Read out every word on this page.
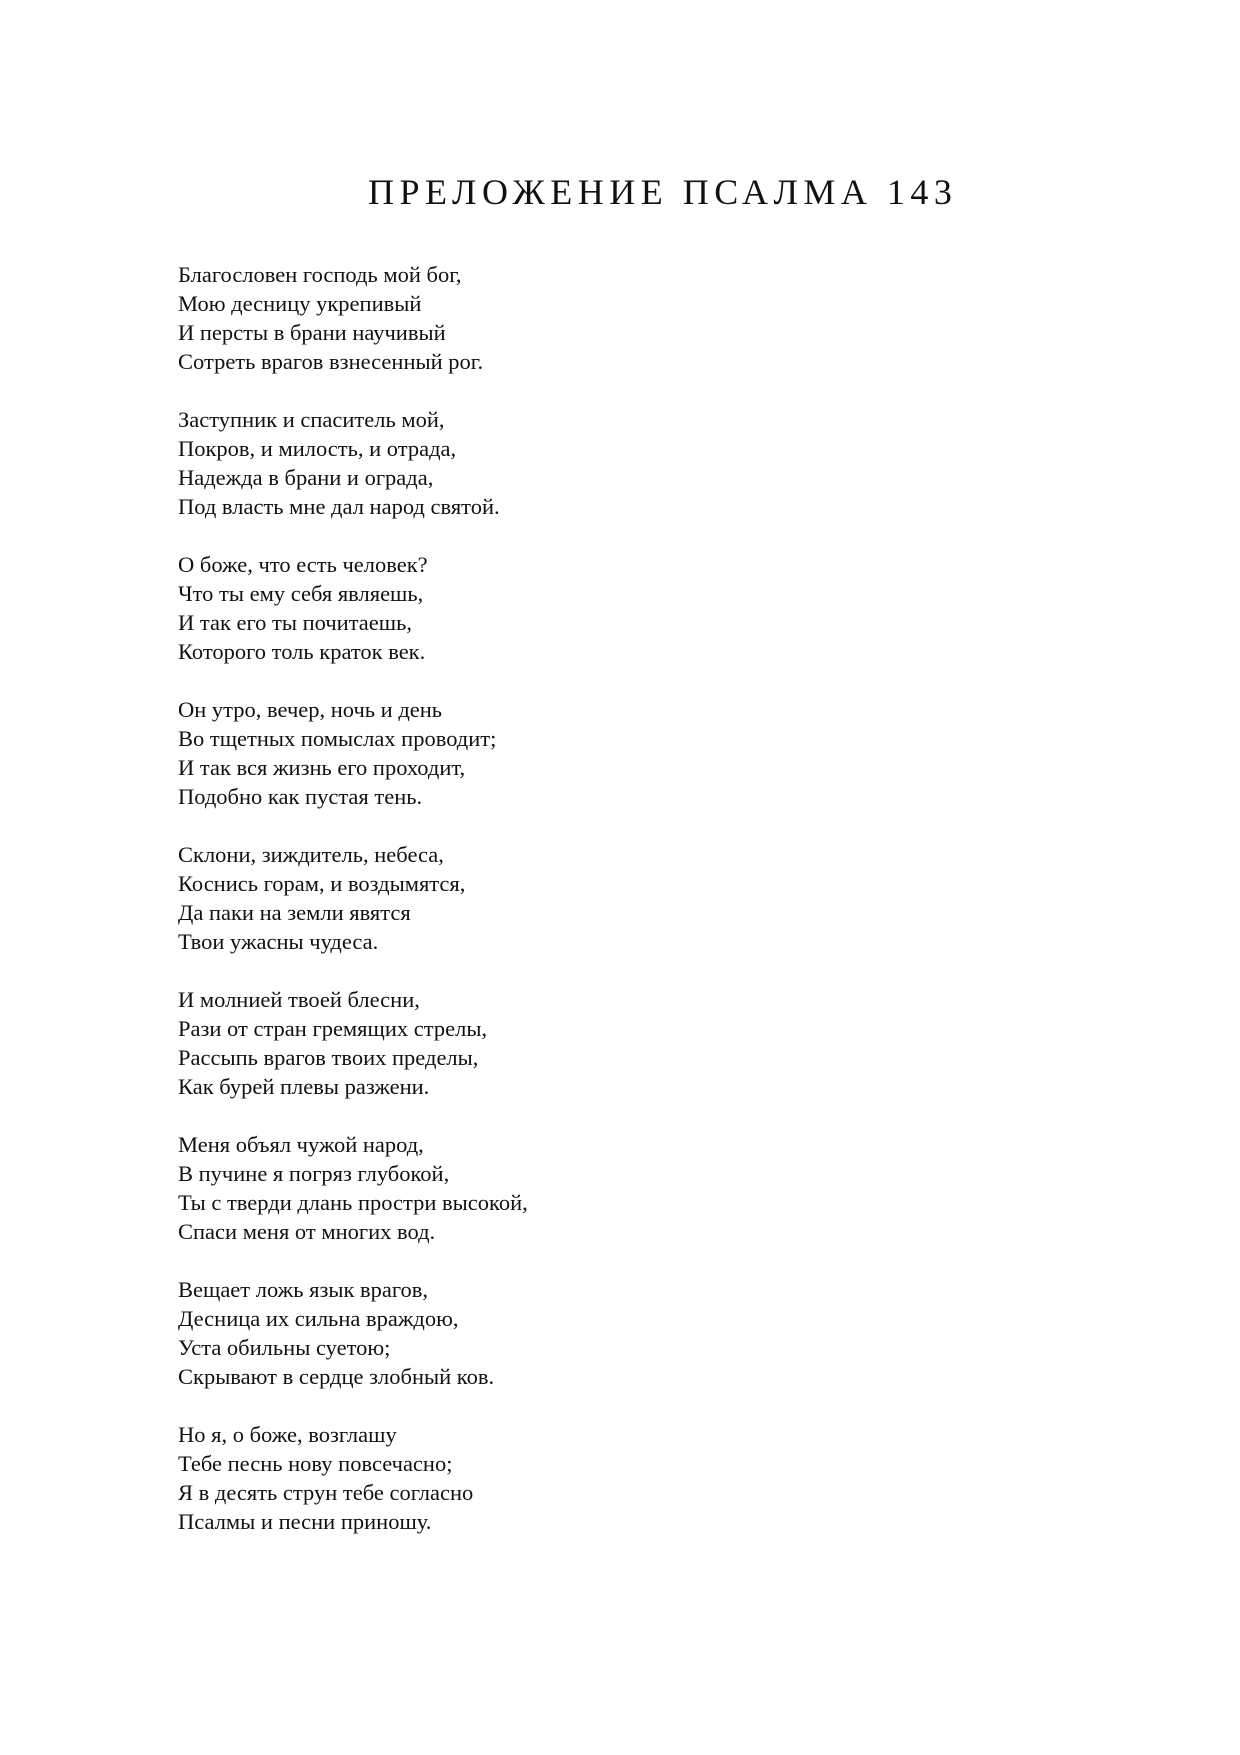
ПРЕЛОЖЕНИЕ ПСАЛМА 143

Благословен господь мой бог,
Мою десницу укрепивый
И персты в брани научивый
Сотреть врагов взнесенный рог.

Заступник и спаситель мой,
Покров, и милость, и отрада,
Надежда в брани и ограда,
Под власть мне дал народ святой.

О боже, что есть человек?
Что ты ему себя являешь,
И так его ты почитаешь,
Которого толь краток век.

Он утро, вечер, ночь и день
Во тщетных помыслах проводит;
И так вся жизнь его проходит,
Подобно как пустая тень.

Склони, зиждитель, небеса,
Коснись горам, и воздымятся,
Да паки на земли явятся
Твои ужасны чудеса.

И молнией твоей блесни,
Рази от стран гремящих стрелы,
Рассыпь врагов твоих пределы,
Как бурей плевы разжени.

Меня объял чужой народ,
В пучине я погряз глубокой,
Ты с тверди длань простри высокой,
Спаси меня от многих вод.

Вещает ложь язык врагов,
Десница их сильна враждою,
Уста обильны суетою;
Скрывают в сердце злобный ков.

Но я, о боже, возглашу
Тебе песнь нову повсечасно;
Я в десять струн тебе согласно
Псалмы и песни приношу.
